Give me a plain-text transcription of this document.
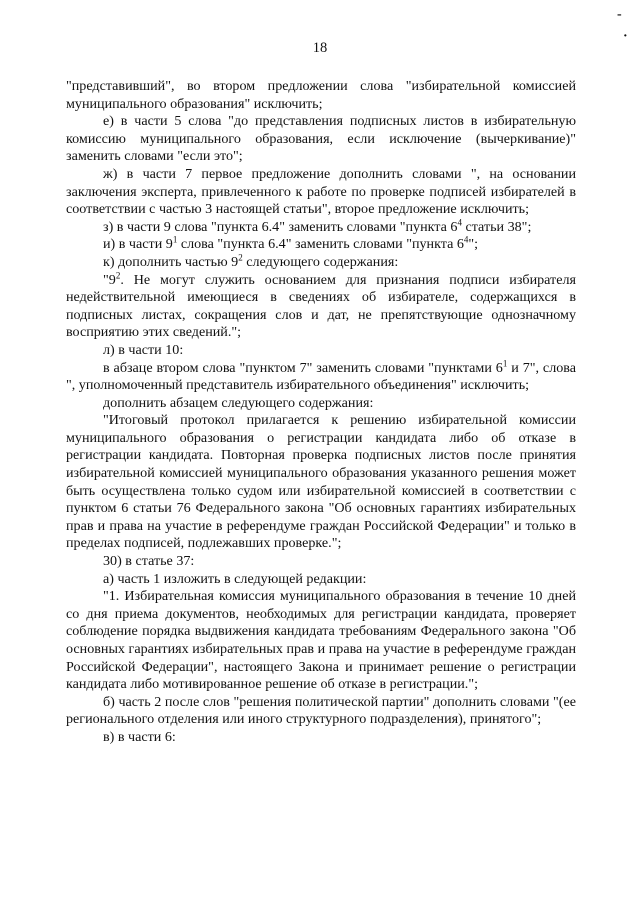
18
-
·

"представивший", во втором предложении слова "избирательной комиссией муниципального образования" исключить;

е) в части 5 слова "до представления подписных листов в избирательную комиссию муниципального образования, если исключение (вычеркивание)" заменить словами "если это";

ж) в части 7 первое предложение дополнить словами ", на основании заключения эксперта, привлеченного к работе по проверке подписей избирателей в соответствии с частью 3 настоящей статьи", второе предложение исключить;

з) в части 9 слова "пункта 6.4" заменить словами "пункта $6^4$ статьи 38";

и) в части $9^1$ слова "пункта 6.4" заменить словами "пункта $6^4$";

к) дополнить частью $9^2$ следующего содержания:

"$9^2$. Не могут служить основанием для признания подписи избирателя недействительной имеющиеся в сведениях об избирателе, содержащихся в подписных листах, сокращения слов и дат, не препятствующие однозначному восприятию этих сведений.";

л) в части 10:

в абзаце втором слова "пунктом 7" заменить словами "пунктами $6^1$ и 7", слова ", уполномоченный представитель избирательного объединения" исключить;

дополнить абзацем следующего содержания:

"Итоговый протокол прилагается к решению избирательной комиссии муниципального образования о регистрации кандидата либо об отказе в регистрации кандидата. Повторная проверка подписных листов после принятия избирательной комиссией муниципального образования указанного решения может быть осуществлена только судом или избирательной комиссией в соответствии с пунктом 6 статьи 76 Федерального закона "Об основных гарантиях избирательных прав и права на участие в референдуме граждан Российской Федерации" и только в пределах подписей, подлежавших проверке.";

30) в статье 37:

а) часть 1 изложить в следующей редакции:

"1. Избирательная комиссия муниципального образования в течение 10 дней со дня приема документов, необходимых для регистрации кандидата, проверяет соблюдение порядка выдвижения кандидата требованиям Федерального закона "Об основных гарантиях избирательных прав и права на участие в референдуме граждан Российской Федерации", настоящего Закона и принимает решение о регистрации кандидата либо мотивированное решение об отказе в регистрации.";

б) часть 2 после слов "решения политической партии" дополнить словами "(ее регионального отделения или иного структурного подразделения), принятого";

в) в части 6:
